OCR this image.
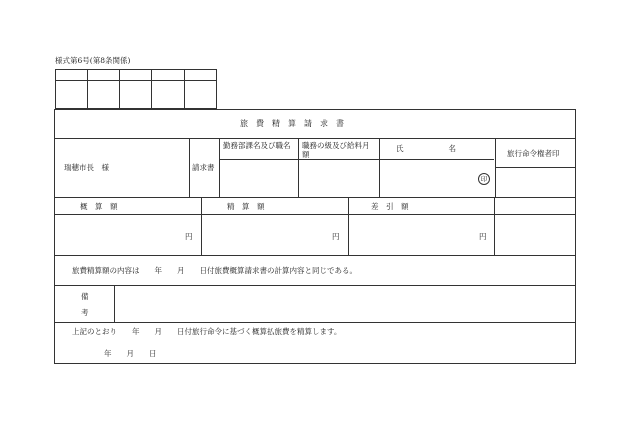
様式第6号(第8条関係)
旅　費　精　算　請　求　書
瑞穂市長　様	請求書
勤務部課名及び職名	職務の級及び給料月額
氏　　　　　　名
印
旅行命令権者印
概　算　額	精　算　額	差　引　額
円	円	円
旅費精算額の内容は　　年　　月　　日付旅費概算請求書の計算内容と同じである。
備
考
上記のとおり　　年　　月　　日付旅行命令に基づく概算払旅費を精算します。
年　　月　　日
